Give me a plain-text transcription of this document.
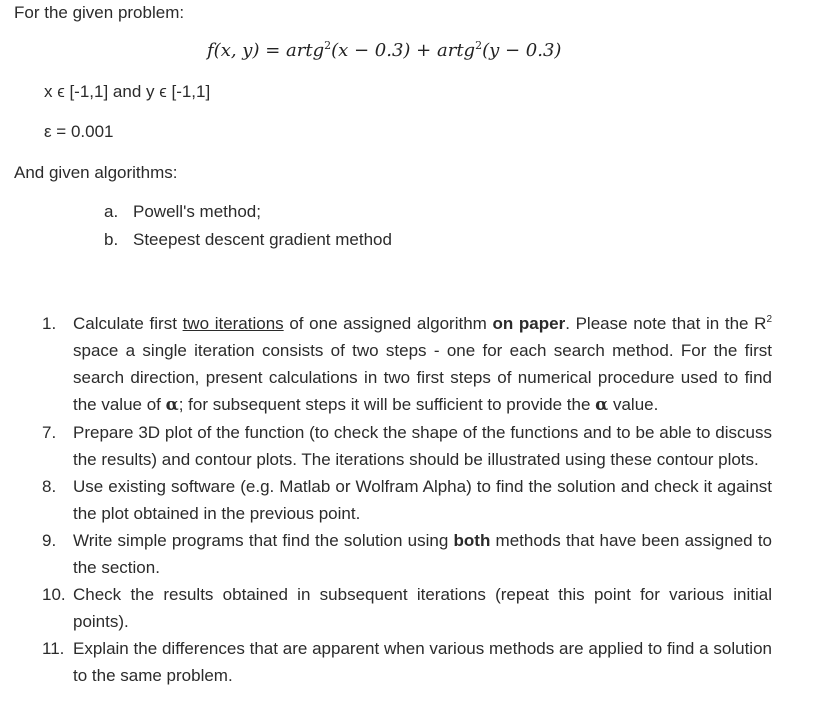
For the given problem:
f(x, y) = artg$^2$(x − 0.3) + artg$^2$(y − 0.3)
x ϵ [-1,1] and y ϵ [-1,1]
ε = 0.001
And given algorithms:
a. Powell's method;
b. Steepest descent gradient method
1. Calculate first two iterations of one assigned algorithm on paper. Please note that in the $R^2$ space a single iteration consists of two steps - one for each search method. For the first search direction, present calculations in two first steps of numerical procedure used to find the value of α; for subsequent steps it will be sufficient to provide the α value.
7. Prepare 3D plot of the function (to check the shape of the functions and to be able to discuss the results) and contour plots. The iterations should be illustrated using these contour plots.
8. Use existing software (e.g. Matlab or Wolfram Alpha) to find the solution and check it against the plot obtained in the previous point.
9. Write simple programs that find the solution using both methods that have been assigned to the section.
10. Check the results obtained in subsequent iterations (repeat this point for various initial points).
11. Explain the differences that are apparent when various methods are applied to find a solution to the same problem.
